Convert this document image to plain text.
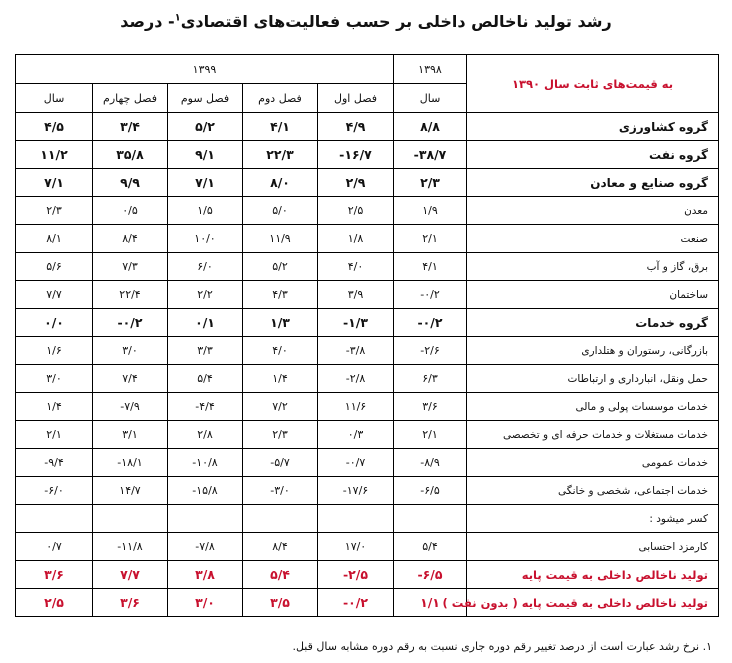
رشد تولید ناخالص داخلی بر حسب فعالیت‌های اقتصادی$^۱$- درصد
به قیمت‌های ثابت سال ۱۳۹۰	۱۳۹۸	۱۳۹۹				
	سال	فصل اول	فصل دوم	فصل سوم	فصل چهارم	سال
گروه کشاورزی	۸/۸	۴/۹	۴/۱	۵/۲	۳/۴	۴/۵
گروه نفت	-۳۸/۷	-۱۶/۷	۲۲/۳	۹/۱	۳۵/۸	۱۱/۲
گروه صنایع و معادن	۲/۳	۲/۹	۸/۰	۷/۱	۹/۹	۷/۱
معدن	۱/۹	۲/۵	۵/۰	۱/۵	۰/۵	۲/۳
صنعت	۲/۱	۱/۸	۱۱/۹	۱۰/۰	۸/۴	۸/۱
برق، گاز و آب	۴/۱	۴/۰	۵/۲	۶/۰	۷/۳	۵/۶
ساختمان	-۰/۲	۳/۹	۴/۳	۲/۲	۲۲/۴	۷/۷
گروه خدمات	-۰/۲	-۱/۳	۱/۳	۰/۱	-۰/۲	۰/۰
بازرگانی، رستوران و هتلداری	-۲/۶	-۳/۸	۴/۰	۳/۳	۳/۰	۱/۶
حمل ونقل، انبارداری و ارتباطات	۶/۳	-۲/۸	۱/۴	۵/۴	۷/۴	۳/۰
خدمات موسسات پولی و مالی	۳/۶	۱۱/۶	۷/۲	-۴/۴	-۷/۹	۱/۴
خدمات مستغلات و خدمات حرفه ای و تخصصی	۲/۱	۰/۳	۲/۳	۲/۸	۳/۱	۲/۱
خدمات عمومی	-۸/۹	-۰/۷	-۵/۷	-۱۰/۸	-۱۸/۱	-۹/۴
خدمات اجتماعی، شخصی و خانگی	-۶/۵	-۱۷/۶	-۳/۰	-۱۵/۸	۱۴/۷	-۶/۰
کسر میشود :						
کارمزد احتسابی	۵/۴	۱۷/۰	۸/۴	-۷/۸	-۱۱/۸	۰/۷
تولید ناخالص داخلی به قیمت پایه	-۶/۵	-۲/۵	۵/۴	۳/۸	۷/۷	۳/۶
تولید ناخالص داخلی به قیمت پایه ( بدون نفت )	۱/۱	-۰/۲	۳/۵	۳/۰	۳/۶	۲/۵
۱. نرخ رشد عبارت است از درصد تغییر رقم دوره جاری نسبت به رقم دوره مشابه سال قبل.
